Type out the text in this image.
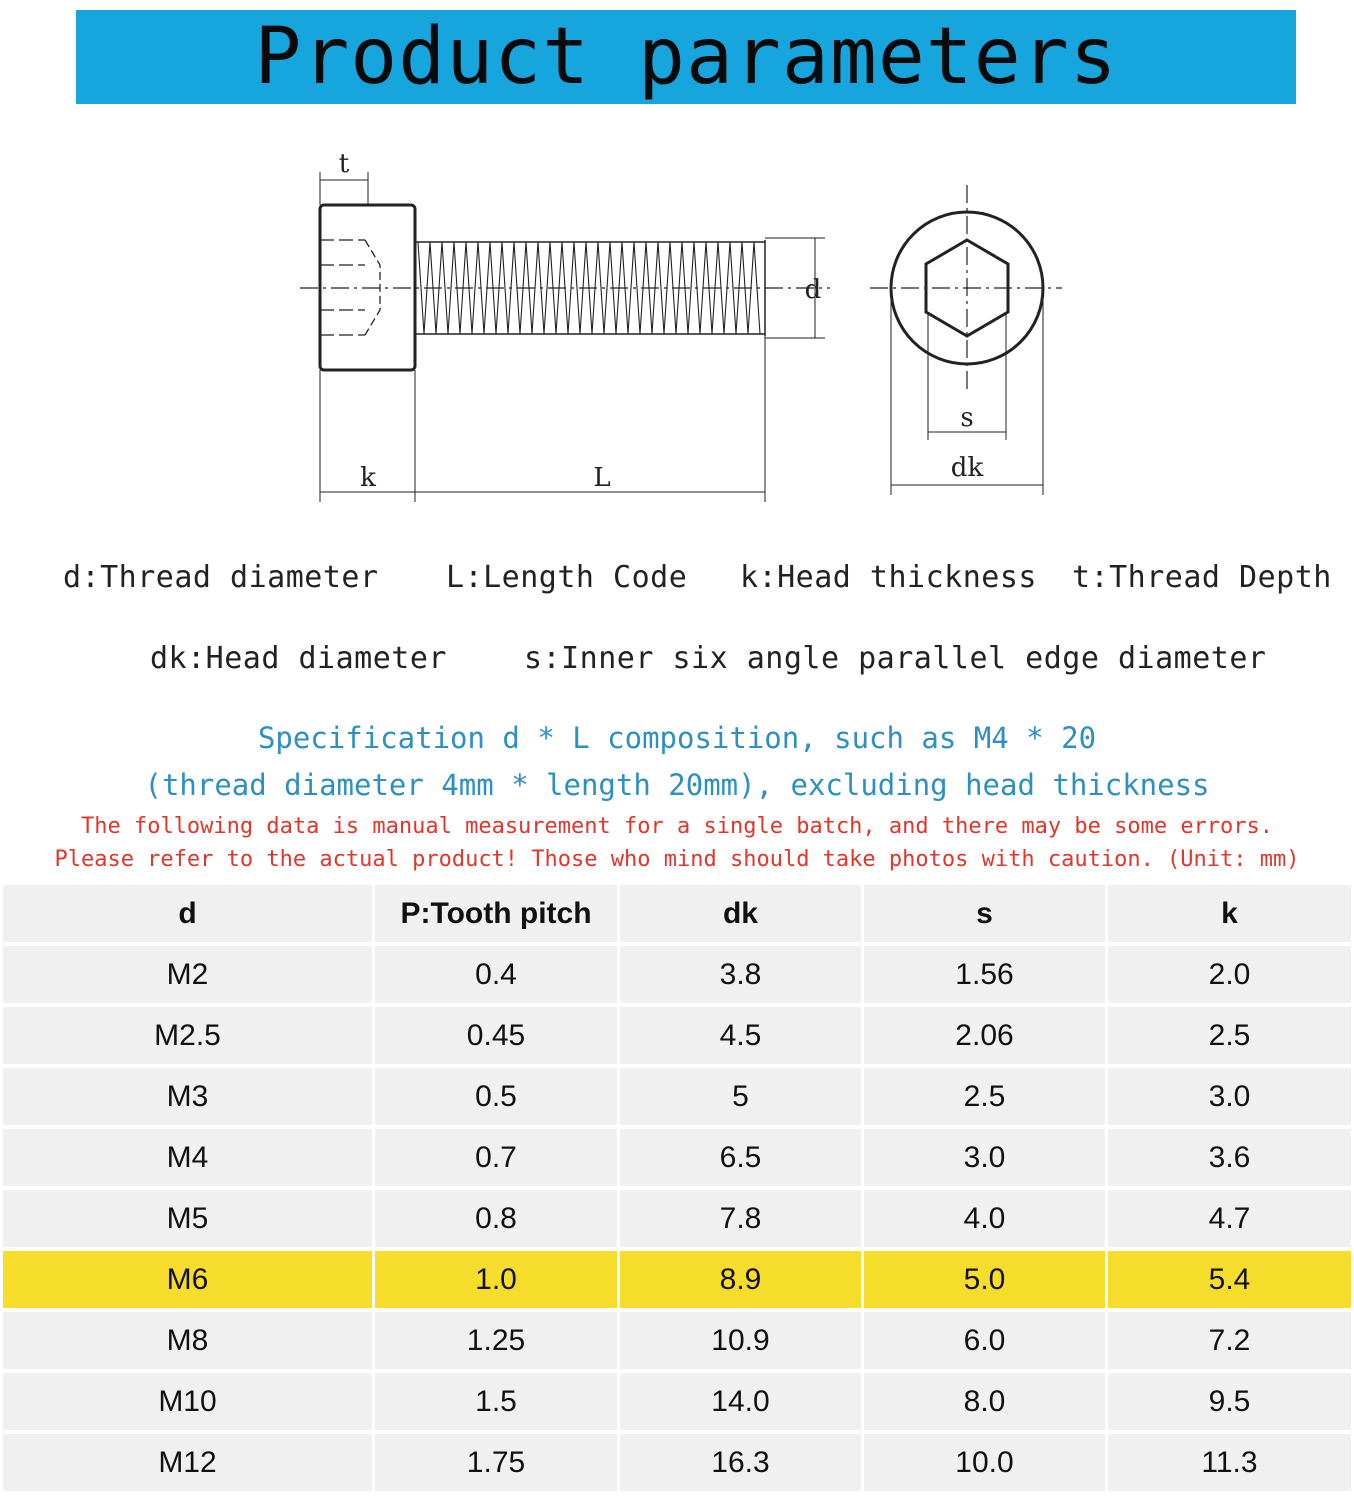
Product parameters
t
d
k	L
s
dk
d:Thread diameter L:Length Code k:Head thickness t:Thread Depth
dk:Head diameter	s:Inner six angle parallel edge diameter
Specification d * L composition, such as M4 * 20
(thread diameter 4mm * length 20mm), excluding head thickness
The following data is manual measurement for a single batch, and there may be some errors.
Please refer to the actual product! Those who mind should take photos with caution. (Unit: mm)
d	P:Tooth pitch	dk	s	k
M2	0.4	3.8	1.56	2.0
M2.5	0.45	4.5	2.06	2.5
M3	0.5	5	2.5	3.0
M4	0.7	6.5	3.0	3.6
M5	0.8	7.8	4.0	4.7
M6	1.0	8.9	5.0	5.4
M8	1.25	10.9	6.0	7.2
M10	1.5	14.0	8.0	9.5
M12	1.75	16.3	10.0	11.3
